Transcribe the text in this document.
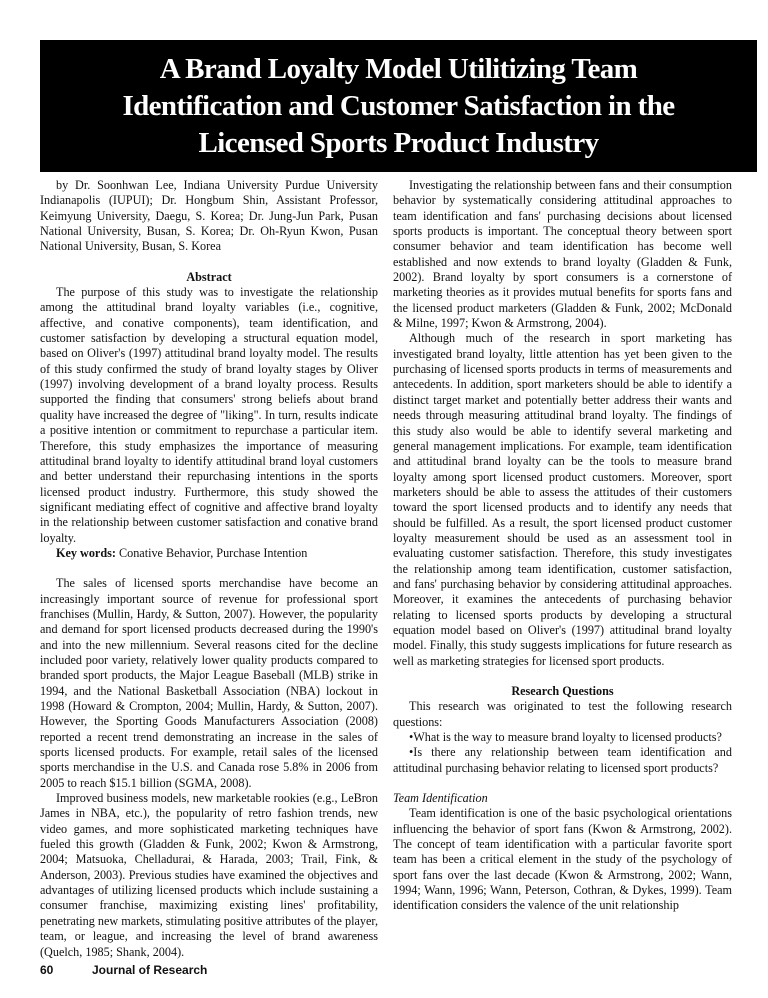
A Brand Loyalty Model Utilitizing Team
Identification and Customer Satisfaction in the
Licensed Sports Product Industry

by Dr. Soonhwan Lee, Indiana University Purdue University Indianapolis (IUPUI); Dr. Hongbum Shin, Assistant Professor, Keimyung University, Daegu, S. Korea; Dr. Jung-Jun Park, Pusan National University, Busan, S. Korea; Dr. Oh-Ryun Kwon, Pusan National University, Busan, S. Korea

Abstract

The purpose of this study was to investigate the relationship among the attitudinal brand loyalty variables (i.e., cognitive, affective, and conative components), team identification, and customer satisfaction by developing a structural equation model, based on Oliver's (1997) attitudinal brand loyalty model. The results of this study confirmed the study of brand loyalty stages by Oliver (1997) involving development of a brand loyalty process. Results supported the finding that consumers' strong beliefs about brand quality have increased the degree of "liking". In turn, results indicate a positive intention or commitment to repurchase a particular item. Therefore, this study emphasizes the importance of measuring attitudinal brand loyalty to identify attitudinal brand loyal customers and better understand their repurchasing intentions in the sports licensed product industry. Furthermore, this study showed the significant mediating effect of cognitive and affective brand loyalty in the relationship between customer satisfaction and conative brand loyalty.

Key words: Conative Behavior, Purchase Intention

The sales of licensed sports merchandise have become an increasingly important source of revenue for professional sport franchises (Mullin, Hardy, & Sutton, 2007). However, the popularity and demand for sport licensed products decreased during the 1990's and into the new millennium. Several reasons cited for the decline included poor variety, relatively lower quality products compared to branded sport products, the Major League Baseball (MLB) strike in 1994, and the National Basketball Association (NBA) lockout in 1998 (Howard & Crompton, 2004; Mullin, Hardy, & Sutton, 2007). However, the Sporting Goods Manufacturers Association (2008) reported a recent trend demonstrating an increase in the sales of sports licensed products. For example, retail sales of the licensed sports merchandise in the U.S. and Canada rose 5.8% in 2006 from 2005 to reach $15.1 billion (SGMA, 2008).

Improved business models, new marketable rookies (e.g., LeBron James in NBA, etc.), the popularity of retro fashion trends, new video games, and more sophisticated marketing techniques have fueled this growth (Gladden & Funk, 2002; Kwon & Armstrong, 2004; Matsuoka, Chelladurai, & Harada, 2003; Trail, Fink, & Anderson, 2003). Previous studies have examined the objectives and advantages of utilizing licensed products which include sustaining a consumer franchise, maximizing existing lines' profitability, penetrating new markets, stimulating positive attributes of the player, team, or league, and increasing the level of brand awareness (Quelch, 1985; Shank, 2004).

Investigating the relationship between fans and their consumption behavior by systematically considering attitudinal approaches to team identification and fans' purchasing decisions about licensed sports products is important. The conceptual theory between sport consumer behavior and team identification has become well established and now extends to brand loyalty (Gladden & Funk, 2002). Brand loyalty by sport consumers is a cornerstone of marketing theories as it provides mutual benefits for sports fans and the licensed product marketers (Gladden & Funk, 2002; McDonald & Milne, 1997; Kwon & Armstrong, 2004).

Although much of the research in sport marketing has investigated brand loyalty, little attention has yet been given to the purchasing of licensed sports products in terms of measurements and antecedents. In addition, sport marketers should be able to identify a distinct target market and potentially better address their wants and needs through measuring attitudinal brand loyalty. The findings of this study also would be able to identify several marketing and general management implications. For example, team identification and attitudinal brand loyalty can be the tools to measure brand loyalty among sport licensed product customers. Moreover, sport marketers should be able to assess the attitudes of their customers toward the sport licensed products and to identify any needs that should be fulfilled. As a result, the sport licensed product customer loyalty measurement should be used as an assessment tool in evaluating customer satisfaction. Therefore, this study investigates the relationship among team identification, customer satisfaction, and fans' purchasing behavior by considering attitudinal approaches. Moreover, it examines the antecedents of purchasing behavior relating to licensed sports products by developing a structural equation model based on Oliver's (1997) attitudinal brand loyalty model. Finally, this study suggests implications for future research as well as marketing strategies for licensed sport products.

Research Questions

This research was originated to test the following research questions:

•What is the way to measure brand loyalty to licensed products?

•Is there any relationship between team identification and attitudinal purchasing behavior relating to licensed sport products?

Team Identification

Team identification is one of the basic psychological orientations influencing the behavior of sport fans (Kwon & Armstrong, 2002). The concept of team identification with a particular favorite sport team has been a critical element in the study of the psychology of sport fans over the last decade (Kwon & Armstrong, 2002; Wann, 1994; Wann, 1996; Wann, Peterson, Cothran, & Dykes, 1999). Team identification considers the valence of the unit relationship

60	Journal of Research
